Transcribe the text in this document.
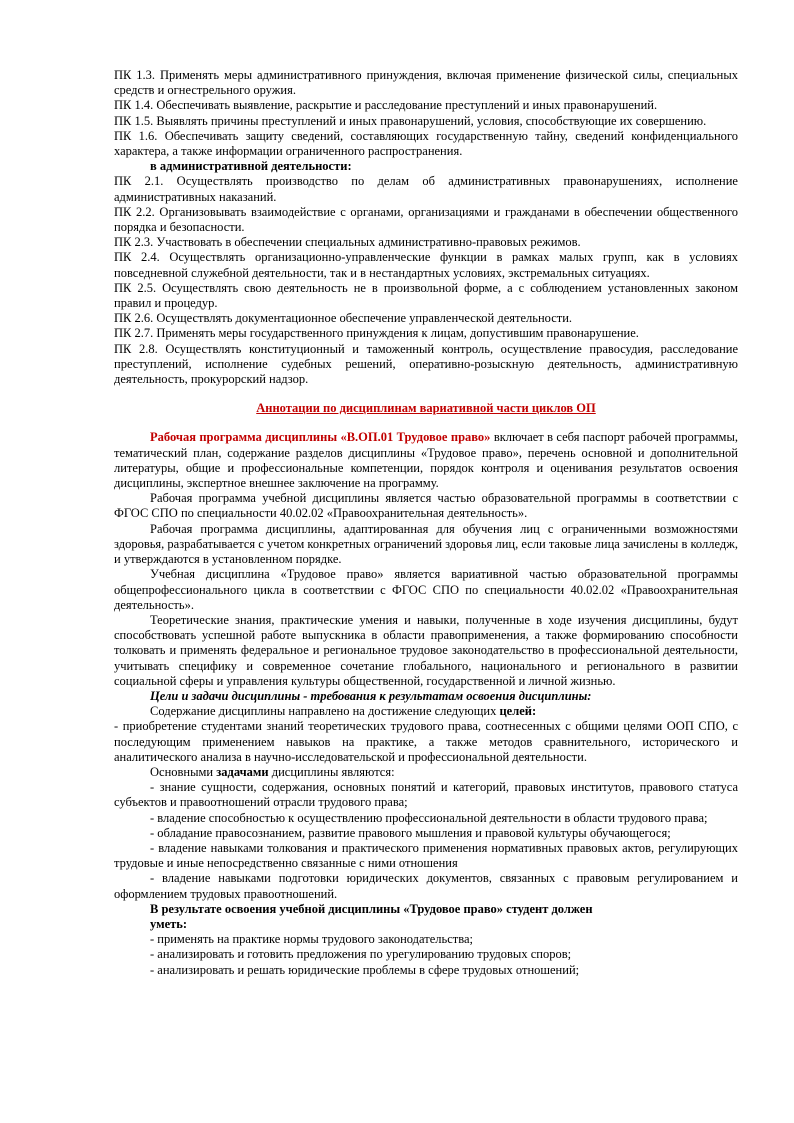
ПК 1.3. Применять меры административного принуждения, включая применение физической силы, специальных средств и огнестрельного оружия.

ПК 1.4. Обеспечивать выявление, раскрытие и расследование преступлений и иных правонарушений.

ПК 1.5. Выявлять причины преступлений и иных правонарушений, условия, способствующие их совершению.

ПК 1.6. Обеспечивать защиту сведений, составляющих государственную тайну, сведений конфиденциального характера, а также информации ограниченного распространения.

в административной деятельности:

ПК 2.1. Осуществлять производство по делам об административных правонарушениях, исполнение административных наказаний.

ПК 2.2. Организовывать взаимодействие с органами, организациями и гражданами в обеспечении общественного порядка и безопасности.

ПК 2.3. Участвовать в обеспечении специальных административно-правовых режимов.

ПК 2.4. Осуществлять организационно-управленческие функции в рамках малых групп, как в условиях повседневной служебной деятельности, так и в нестандартных условиях, экстремальных ситуациях.

ПК 2.5. Осуществлять свою деятельность не в произвольной форме, а с соблюдением установленных законом правил и процедур.

ПК 2.6. Осуществлять документационное обеспечение управленческой деятельности.

ПК 2.7. Применять меры государственного принуждения к лицам, допустившим правонарушение.

ПК 2.8. Осуществлять конституционный и таможенный контроль, осуществление правосудия, расследование преступлений, исполнение судебных решений, оперативно-розыскную деятельность, административную деятельность, прокурорский надзор.

Аннотации по дисциплинам вариативной части циклов ОП

Рабочая программа дисциплины «В.ОП.01 Трудовое право» включает в себя паспорт рабочей программы, тематический план, содержание разделов дисциплины «Трудовое право», перечень основной и дополнительной литературы, общие и профессиональные компетенции, порядок контроля и оценивания результатов освоения дисциплины, экспертное внешнее заключение на программу.

Рабочая программа учебной дисциплины является частью образовательной программы в соответствии с ФГОС СПО по специальности 40.02.02 «Правоохранительная деятельность».

Рабочая программа дисциплины, адаптированная для обучения лиц с ограниченными возможностями здоровья, разрабатывается с учетом конкретных ограничений здоровья лиц, если таковые лица зачислены в колледж, и утверждаются в установленном порядке.

Учебная дисциплина «Трудовое право» является вариативной частью образовательной программы общепрофессионального цикла в соответствии с ФГОС СПО по специальности 40.02.02 «Правоохранительная деятельность».

Теоретические знания, практические умения и навыки, полученные в ходе изучения дисциплины, будут способствовать успешной работе выпускника в области правоприменения, а также формированию способности толковать и применять федеральное и региональное трудовое законодательство в профессиональной деятельности, учитывать специфику и современное сочетание глобального, национального и регионального в развитии социальной сферы и управления культуры общественной, государственной и личной жизнью.

Цели и задачи дисциплины - требования к результатам освоения дисциплины:

Содержание дисциплины направлено на достижение следующих целей:

- приобретение студентами знаний теоретических трудового права, соотнесенных с общими целями ООП СПО, с последующим применением навыков на практике, а также методов сравнительного, исторического и аналитического анализа в научно-исследовательской и профессиональной деятельности.

Основными задачами дисциплины являются:

- знание сущности, содержания, основных понятий и категорий, правовых институтов, правового статуса субъектов и правоотношений отрасли трудового права;

- владение способностью к осуществлению профессиональной деятельности в области трудового права;

- обладание правосознанием, развитие правового мышления и правовой культуры обучающегося;

- владение навыками толкования и практического применения нормативных правовых актов, регулирующих трудовые и иные непосредственно связанные с ними отношения

- владение навыками подготовки юридических документов, связанных с правовым регулированием и оформлением трудовых правоотношений.

В результате освоения учебной дисциплины «Трудовое право» студент должен

уметь:

- применять на практике нормы трудового законодательства;

- анализировать и готовить предложения по урегулированию трудовых споров;

- анализировать и решать юридические проблемы в сфере трудовых отношений;
